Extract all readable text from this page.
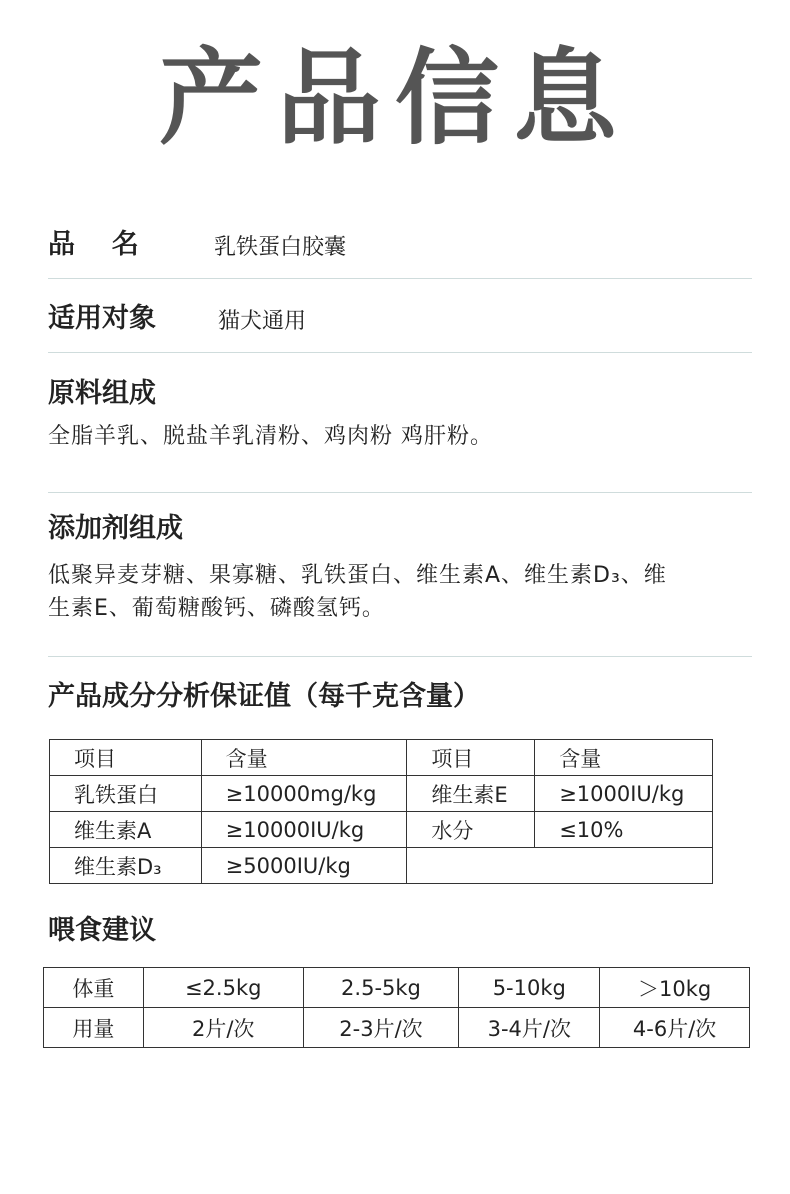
产品信息
品  名	乳铁蛋白胶囊
适用对象	猫犬通用
原料组成
全脂羊乳、脱盐羊乳清粉、鸡肉粉 鸡肝粉。
添加剂组成
低聚异麦芽糖、果寡糖、乳铁蛋白、维生素A、维生素D₃、维
生素E、葡萄糖酸钙、磷酸氢钙。
产品成分分析保证值（每千克含量）
项目	含量	项目	含量
乳铁蛋白	≥10000mg/kg	维生素E	≥1000IU/kg
维生素A	≥10000IU/kg	水分	≤10%
维生素D₃	≥5000IU/kg		
喂食建议
体重	≤2.5kg	2.5-5kg	5-10kg	＞10kg
用量	2片/次	2-3片/次	3-4片/次	4-6片/次
